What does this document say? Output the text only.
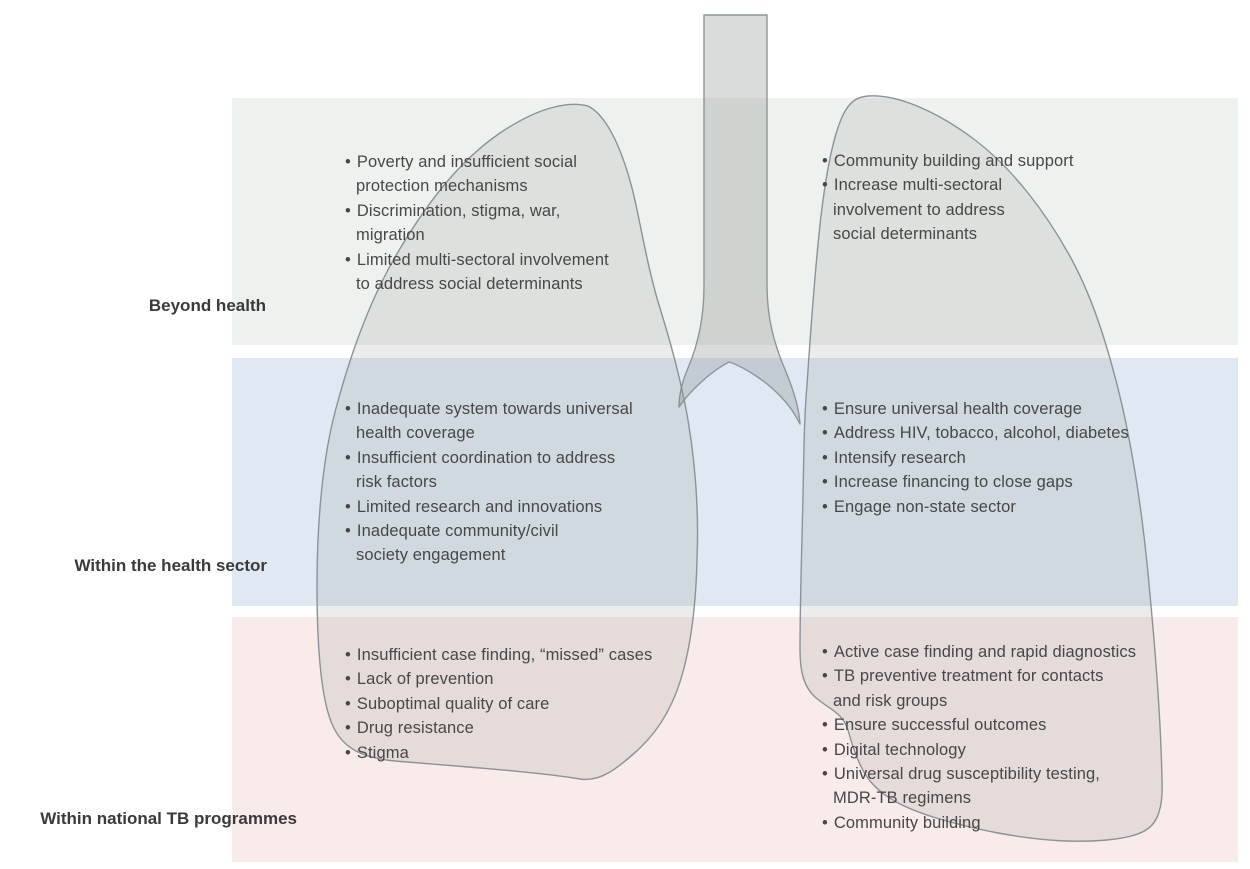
Beyond health
Within the health sector
Within national TB programmes
• Poverty and insufficient social
protection mechanisms
• Discrimination, stigma, war,
migration
• Limited multi-sectoral involvement
to address social determinants
• Inadequate system towards universal
health coverage
• Insufficient coordination to address
risk factors
• Limited research and innovations
• Inadequate community/civil
society engagement
• Insufficient case finding, “missed” cases
• Lack of prevention
• Suboptimal quality of care
• Drug resistance
• Stigma
• Community building and support
• Increase multi-sectoral
involvement to address
social determinants
• Ensure universal health coverage
• Address HIV, tobacco, alcohol, diabetes
• Intensify research
• Increase financing to close gaps
• Engage non-state sector
• Active case finding and rapid diagnostics
• TB preventive treatment for contacts
and risk groups
• Ensure successful outcomes
• Digital technology
• Universal drug susceptibility testing,
MDR-TB regimens
• Community building
